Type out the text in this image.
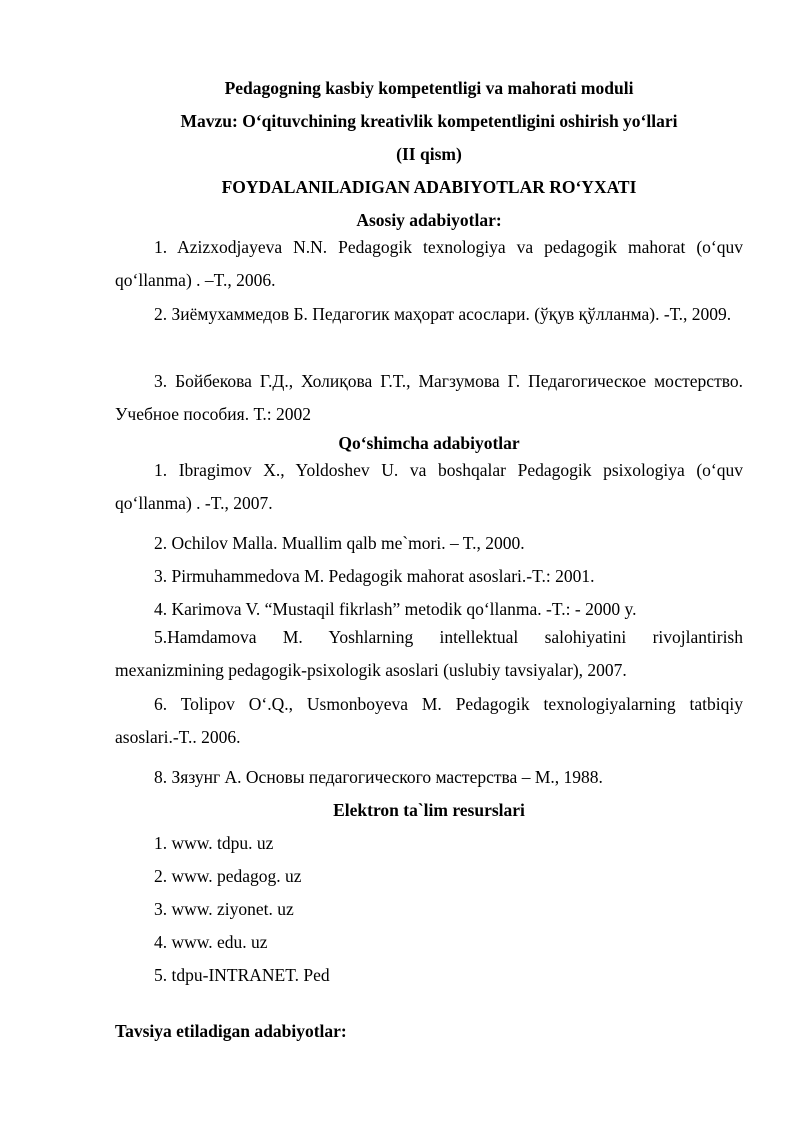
Pedagogning kasbiy kompetentligi va mahorati moduli
Mavzu: O‘qituvchining kreativlik kompetentligini oshirish yo‘llari
(II qism)
FOYDALANILADIGAN ADABIYOTLAR RO‘YXATI
Asosiy adabiyotlar:
1. Azizxodjayeva N.N. Pedagogik texnologiya va pedagogik mahorat (o‘quv qo‘llanma) . –T., 2006.
2. Зиёмухаммедов Б. Педагогик маҳорат асослари. (ўқув қўлланма). -Т., 2009.
3. Бойбекова Г.Д., Холиқова Г.Т., Магзумова Г. Педагогическое мостерство. Учебное пособия. Т.: 2002
Qo‘shimcha adabiyotlar
1. Ibragimov X., Yoldoshev U. va boshqalar Pedagogik psixologiya (o‘quv qo‘llanma) . -T., 2007.
2. Ochilov Malla. Muallim qalb me`mori. – T., 2000.
3. Pirmuhammedova M. Pedagogik mahorat asoslari.-T.: 2001.
4. Karimova V. “Mustaqil fikrlash” metodik qo‘llanma. -T.: - 2000 y.
5.Hamdamova M. Yoshlarning intellektual salohiyatini rivojlantirish mexanizmining pedagogik-psixologik asoslari (uslubiy tavsiyalar), 2007.
6. Tolipov O‘.Q., Usmonboyeva M. Pedagogik texnologiyalarning tatbiqiy asoslari.-T.. 2006.
8. Зязунг А. Основы педагогического мастерства – М., 1988.
Elektron ta`lim resurslari
1. www. tdpu. uz
2. www. pedagog. uz
3. www. ziyonet. uz
4. www. edu. uz
5. tdpu-INTRANET. Ped
Tavsiya etiladigan adabiyotlar:
